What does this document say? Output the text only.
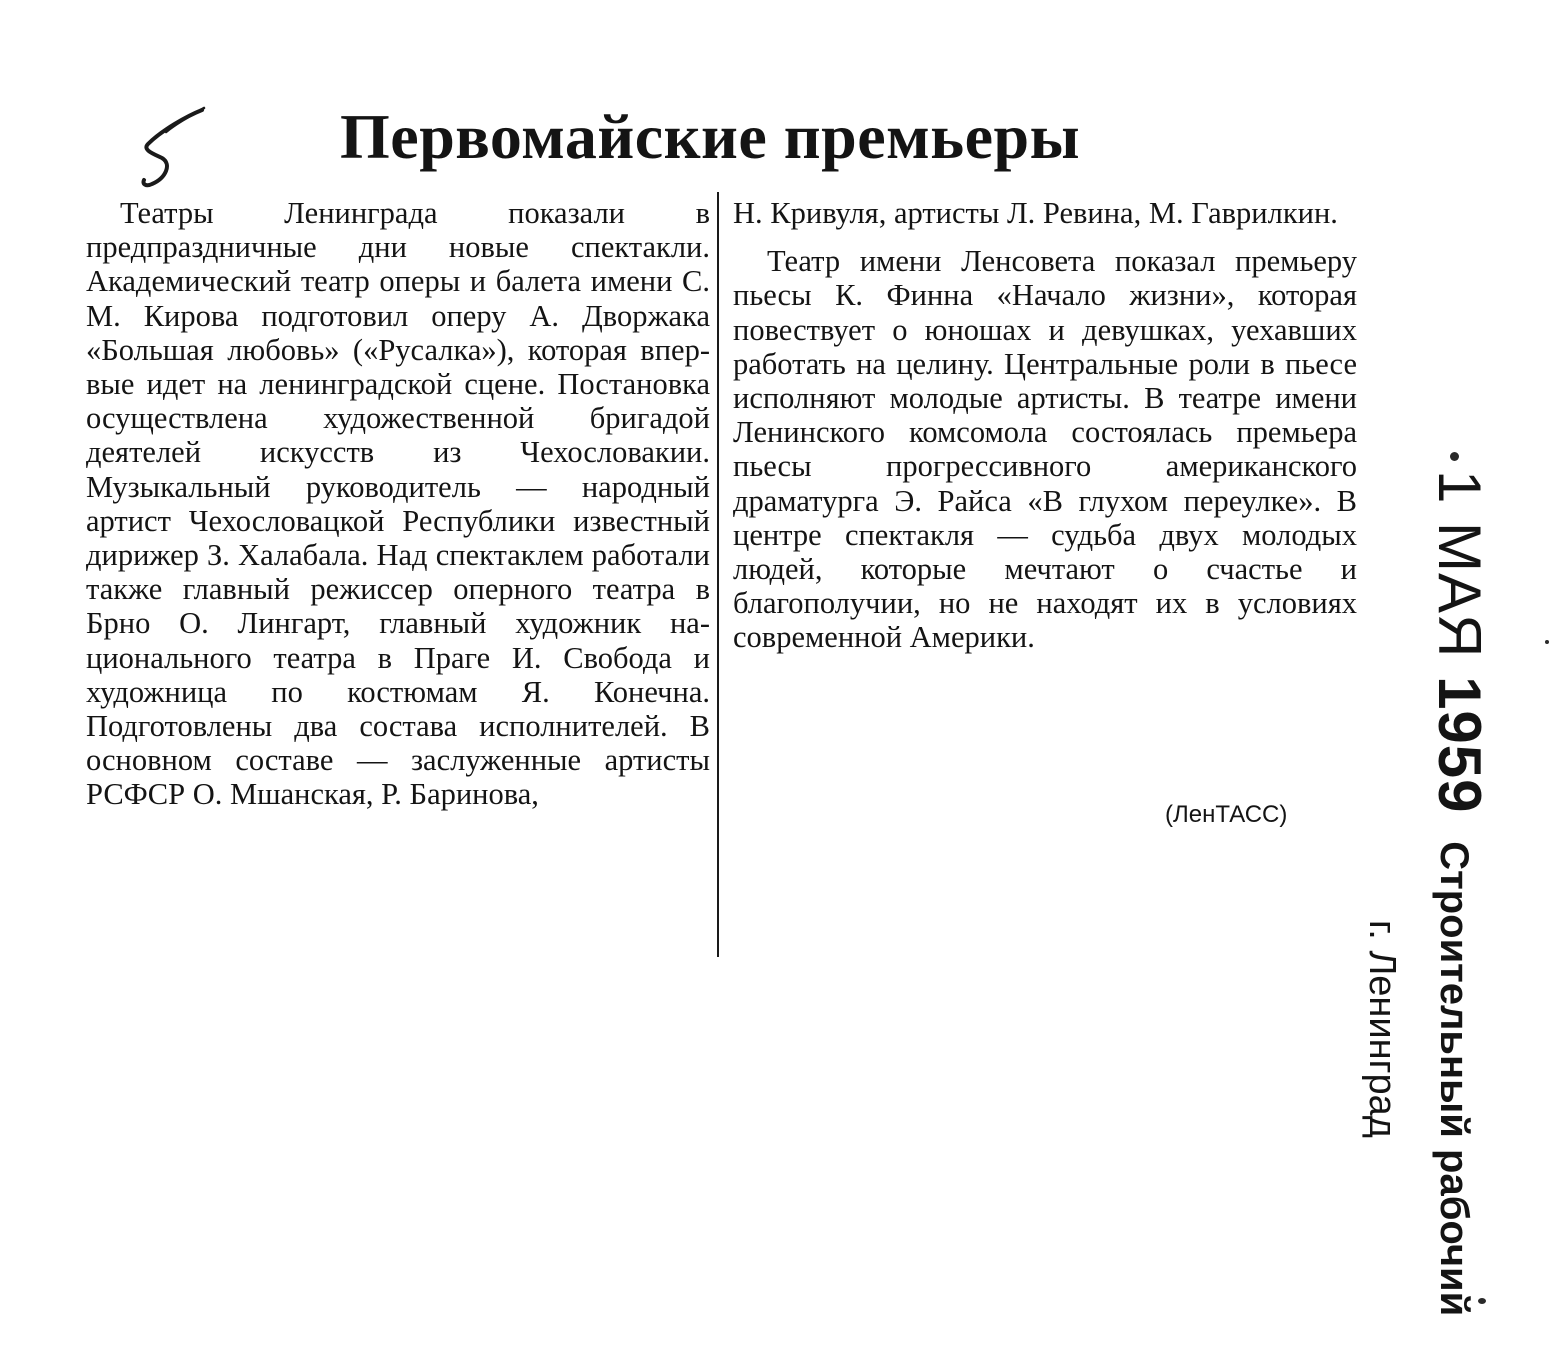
Первомайские премьеры

Театры Ленинграда показали в предпраздничные дни новые спектакли. Академический театр оперы и балета имени С. М. Кирова подготовил оперу А. Дворжака «Большая любовь» («Русалка»), которая впервые идет на ленинградской сцене. Постановка осуществлена художественной бригадой деятелей искусств из Чехословакии. Музыкальный руководитель — народный артист Чехословацкой Республики известный дирижер З. Халабала. Над спектаклем работали также главный режиссер оперного театра в Брно О. Лингарт, главный художник национального театра в Праге И. Свобода и художница по костюмам Я. Конечна. Подготовлены два состава исполнителей. В основном составе — заслуженные артисты РСФСР О. Мшанская, Р. Баринова,

Н. Кривуля, артисты Л. Ревина, М. Гаврилкин.

Театр имени Ленсовета показал премьеру пьесы К. Финна «Начало жизни», которая повествует о юношах и девушках, уехавших работать на целину. Центральные роли в пьесе исполняют молодые артисты. В театре имени Ленинского комсомола состоялась премьера пьесы прогрессивного американского драматурга Э. Райса «В глухом переулке». В центре спектакля — судьба двух молодых людей, которые мечтают о счастье и благополучии, но не находят их в условиях современной Америки.

(ЛенТАСС)
1 МАЯ 1959 Строительный рабочий
г. Ленинград
